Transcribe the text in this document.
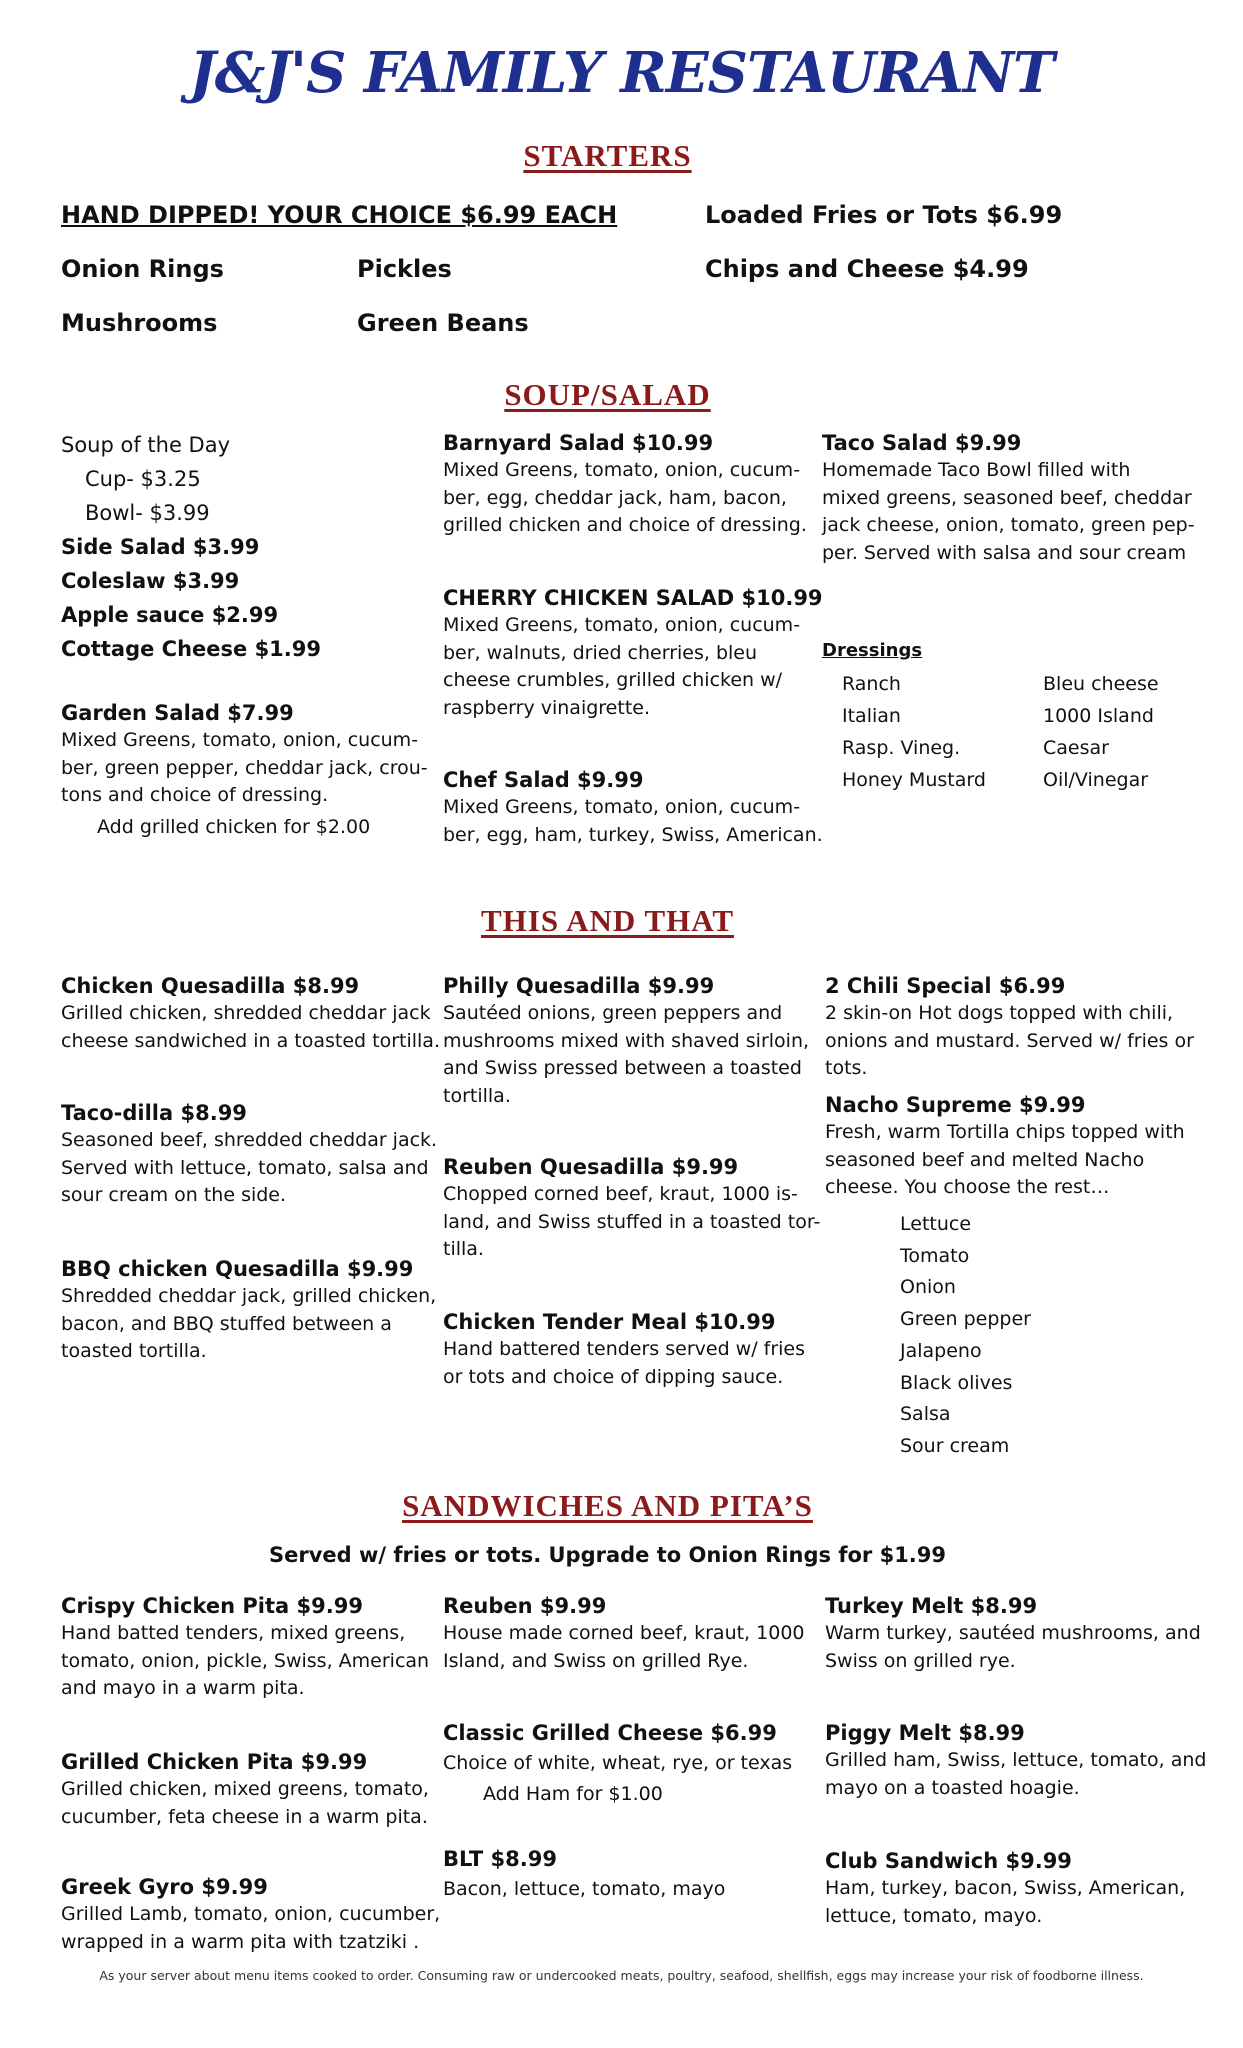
J&J'S FAMILY RESTAURANT
STARTERS
HAND DIPPED! YOUR CHOICE $6.99 EACH
Onion Rings	Pickles
Mushrooms	Green Beans
Loaded Fries or Tots $6.99
Chips and Cheese $4.99
SOUP/SALAD
Soup of the Day
Cup- $3.25
Bowl- $3.99
Side Salad $3.99
Coleslaw $3.99
Apple sauce $2.99
Cottage Cheese $1.99
Garden Salad $7.99
Mixed Greens, tomato, onion, cucum-
ber, green pepper, cheddar jack, crou-
tons and choice of dressing.
Add grilled chicken for $2.00
Barnyard Salad $10.99
Mixed Greens, tomato, onion, cucum-
ber, egg, cheddar jack, ham, bacon,
grilled chicken and choice of dressing.
CHERRY CHICKEN SALAD $10.99
Mixed Greens, tomato, onion, cucum-
ber, walnuts, dried cherries, bleu
cheese crumbles, grilled chicken w/
raspberry vinaigrette.
Chef Salad $9.99
Mixed Greens, tomato, onion, cucum-
ber, egg, ham, turkey, Swiss, American.
Taco Salad $9.99
Homemade Taco Bowl filled with
mixed greens, seasoned beef, cheddar
jack cheese, onion, tomato, green pep-
per. Served with salsa and sour cream
Dressings
Ranch
Italian
Rasp. Vineg.
Honey Mustard
Bleu cheese
1000 Island
Caesar
Oil/Vinegar
THIS AND THAT
Chicken Quesadilla $8.99
Grilled chicken, shredded cheddar jack
cheese sandwiched in a toasted tortilla.
Taco-dilla $8.99
Seasoned beef, shredded cheddar jack.
Served with lettuce, tomato, salsa and
sour cream on the side.
BBQ chicken Quesadilla $9.99
Shredded cheddar jack, grilled chicken,
bacon, and BBQ stuffed between a
toasted tortilla.
Philly Quesadilla $9.99
Sautéed onions, green peppers and
mushrooms mixed with shaved sirloin,
and Swiss pressed between a toasted
tortilla.
Reuben Quesadilla $9.99
Chopped corned beef, kraut, 1000 is-
land, and Swiss stuffed in a toasted tor-
tilla.
Chicken Tender Meal $10.99
Hand battered tenders served w/ fries
or tots and choice of dipping sauce.
2 Chili Special $6.99
2 skin-on Hot dogs topped with chili,
onions and mustard. Served w/ fries or
tots.
Nacho Supreme $9.99
Fresh, warm Tortilla chips topped with
seasoned beef and melted Nacho
cheese. You choose the rest…
Lettuce
Tomato
Onion
Green pepper
Jalapeno
Black olives
Salsa
Sour cream
SANDWICHES AND PITA’S
Served w/ fries or tots. Upgrade to Onion Rings for $1.99
Crispy Chicken Pita $9.99
Hand batted tenders, mixed greens,
tomato, onion, pickle, Swiss, American
and mayo in a warm pita.
Grilled Chicken Pita $9.99
Grilled chicken, mixed greens, tomato,
cucumber, feta cheese in a warm pita.
Greek Gyro $9.99
Grilled Lamb, tomato, onion, cucumber,
wrapped in a warm pita with tzatziki .
Reuben $9.99
House made corned beef, kraut, 1000
Island, and Swiss on grilled Rye.
Classic Grilled Cheese $6.99
Choice of white, wheat, rye, or texas
Add Ham for $1.00
BLT $8.99
Bacon, lettuce, tomato, mayo
Turkey Melt $8.99
Warm turkey, sautéed mushrooms, and
Swiss on grilled rye.
Piggy Melt $8.99
Grilled ham, Swiss, lettuce, tomato, and
mayo on a toasted hoagie.
Club Sandwich $9.99
Ham, turkey, bacon, Swiss, American,
lettuce, tomato, mayo.
As your server about menu items cooked to order. Consuming raw or undercooked meats, poultry, seafood, shellfish, eggs may increase your risk of foodborne illness.
